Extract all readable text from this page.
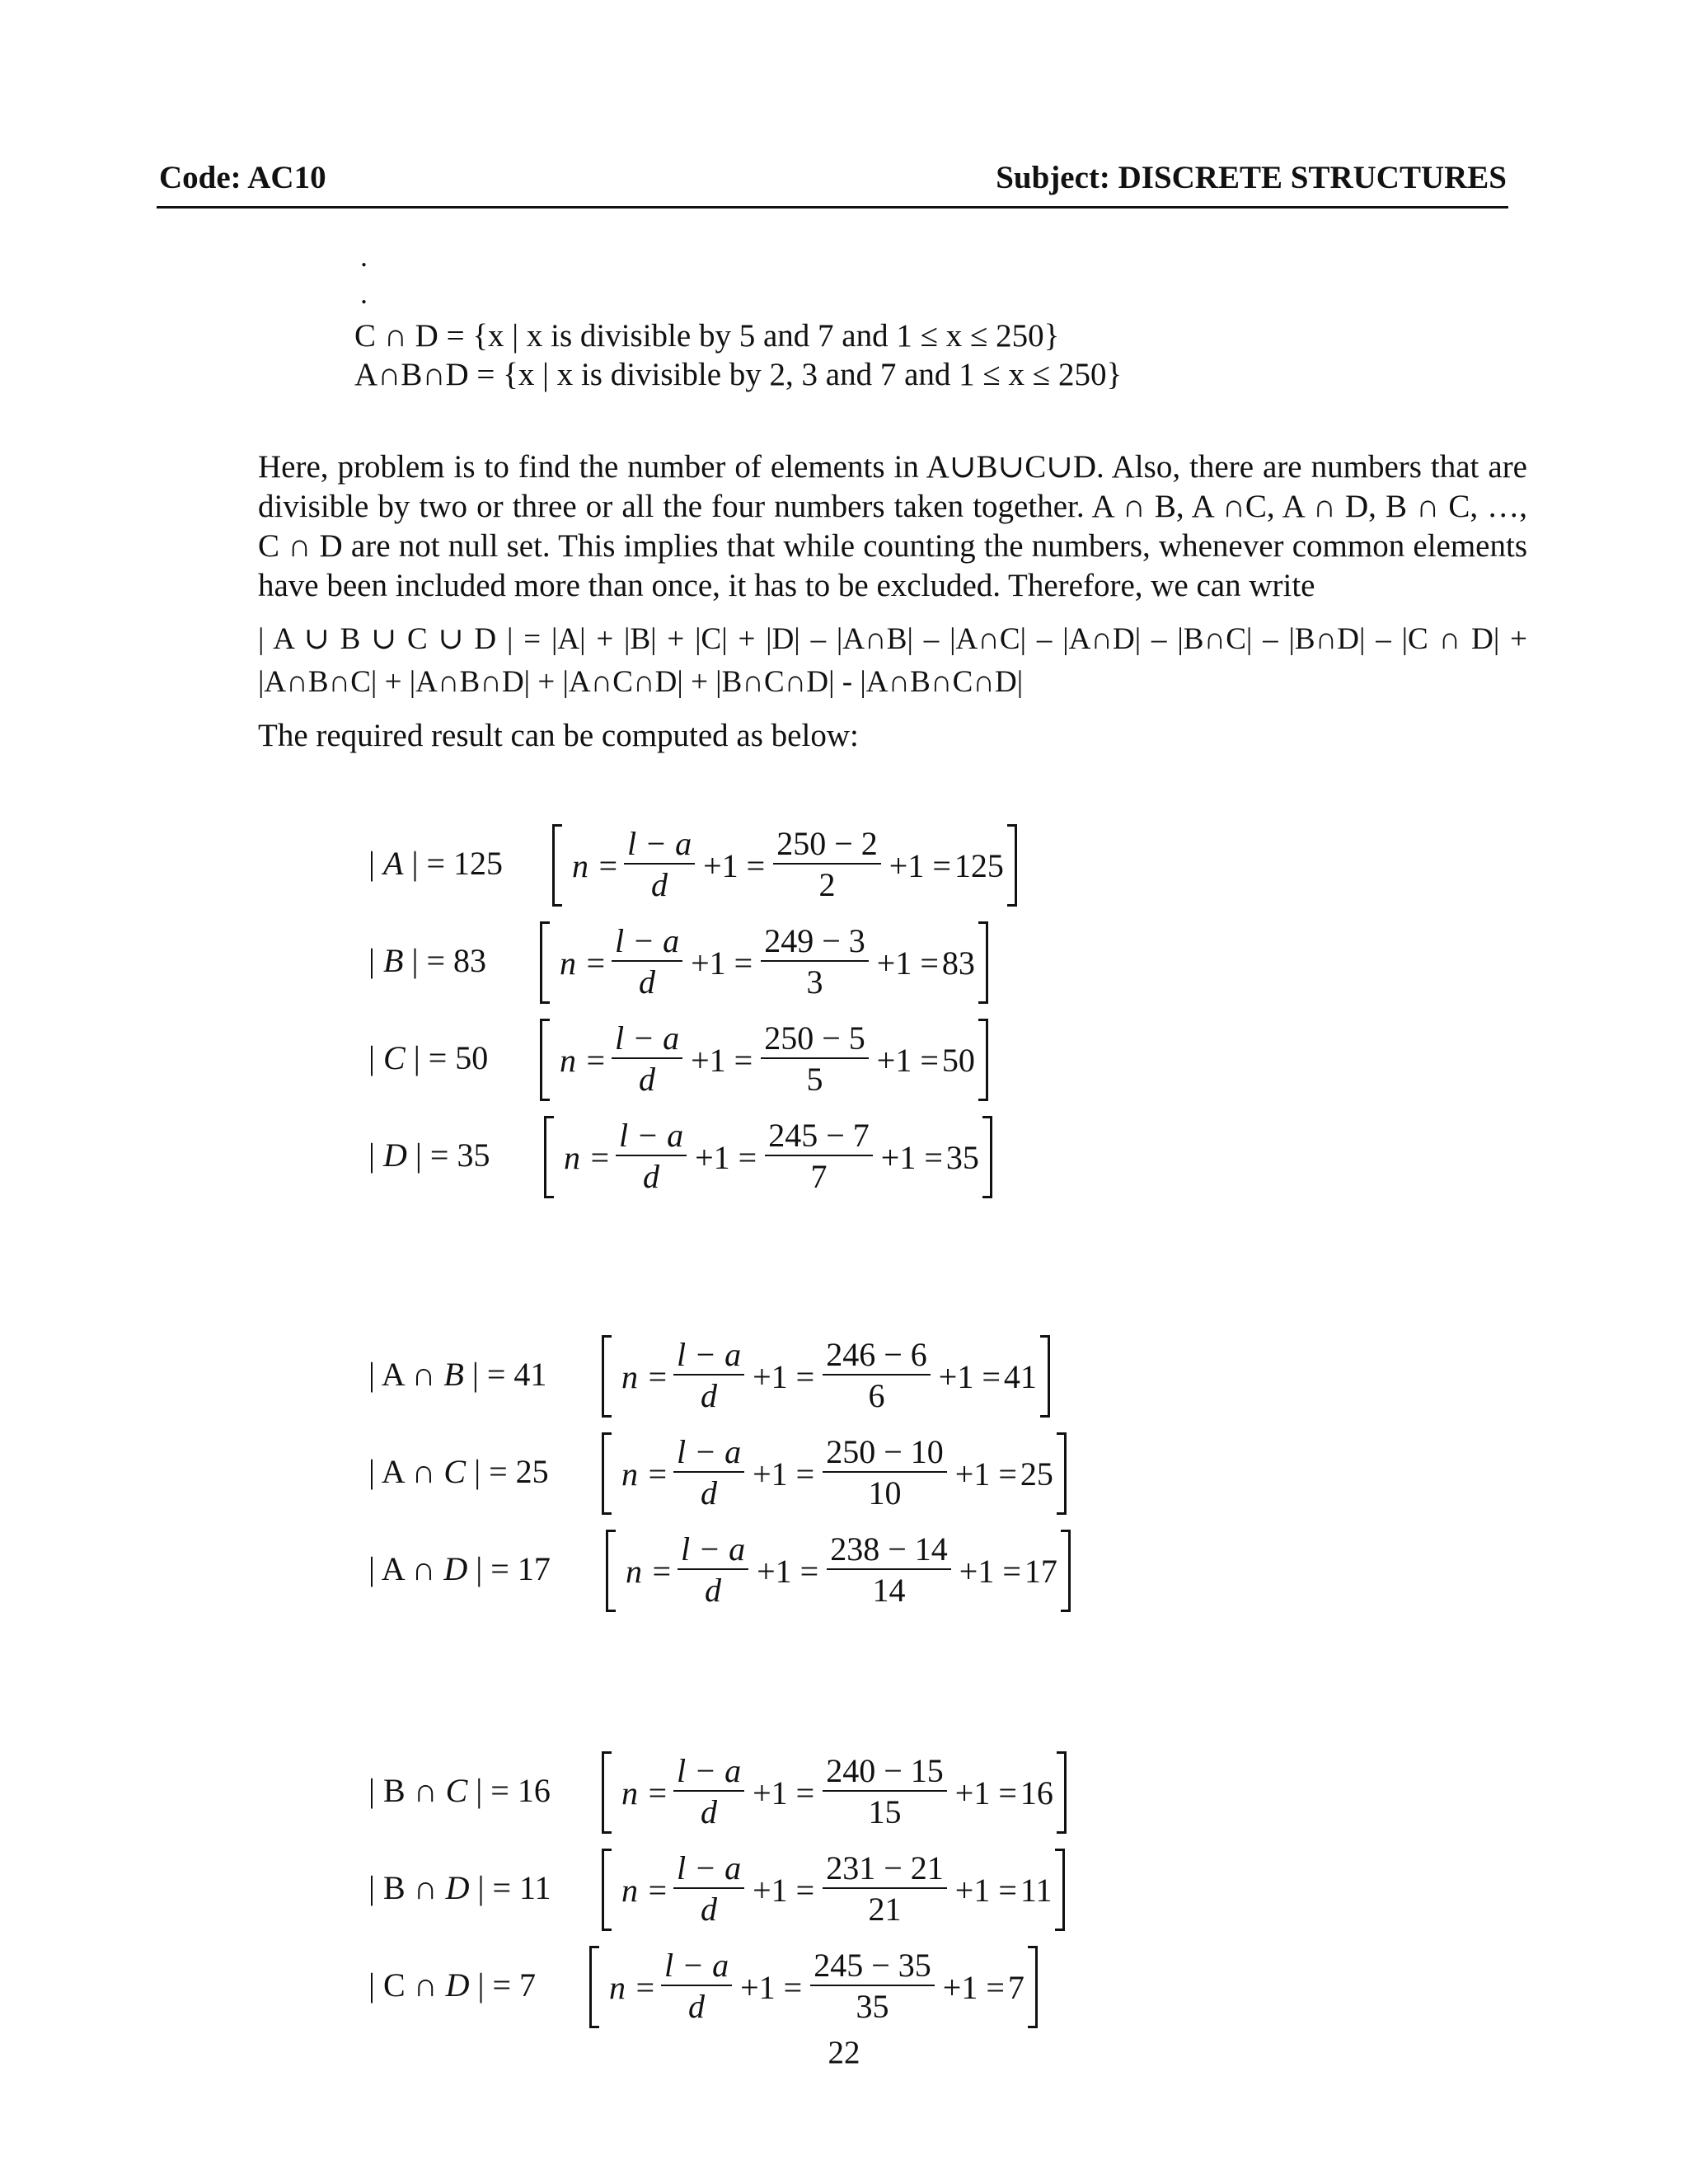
Code: AC10	Subject: DISCRETE STRUCTURES
.
.
C ∩ D = {x | x is divisible by 5 and 7 and 1 ≤ x ≤ 250}
A∩B∩D = {x | x is divisible by 2, 3 and 7 and 1 ≤ x ≤ 250}
Here, problem is to find the number of elements in A∪B∪C∪D. Also, there are numbers that are divisible by two or three or all the four numbers taken together. A ∩ B, A ∩C, A ∩ D, B ∩ C, …, C ∩ D are not null set. This implies that while counting the numbers, whenever common elements have been included more than once, it has to be excluded. Therefore, we can write
| A ∪ B ∪ C ∪ D | = |A| + |B| + |C| + |D| – |A∩B| – |A∩C| – |A∩D| – |B∩C| – |B∩D| – |C ∩ D| + |A∩B∩C| + |A∩B∩D| + |A∩C∩D| + |B∩C∩D| - |A∩B∩C∩D|
The required result can be computed as below:
| A | = 125 $n = \frac{l - a}{d} +1 = \frac{250 - 2}{2} +1 = 125$
| B | = 83 $n = \frac{l - a}{d} +1 = \frac{249 - 3}{3} +1 = 83$
| C | = 50 $n = \frac{l - a}{d} +1 = \frac{250 - 5}{5} +1 = 50$
| D | = 35 $n = \frac{l - a}{d} +1 = \frac{245 - 7}{7} +1 = 35$
| A ∩ B | = 41 $n = \frac{l - a}{d} +1 = \frac{246 - 6}{6} +1 = 41$
| A ∩ C | = 25 $n = \frac{l - a}{d} +1 = \frac{250 - 10}{10} +1 = 25$
| A ∩ D | = 17 $n = \frac{l - a}{d} +1 = \frac{238 - 14}{14} +1 = 17$
| B ∩ C | = 16 $n = \frac{l - a}{d} +1 = \frac{240 - 15}{15} +1 = 16$
| B ∩ D | = 11 $n = \frac{l - a}{d} +1 = \frac{231 - 21}{21} +1 = 11$
| C ∩ D | = 7 $n = \frac{l - a}{d} +1 = \frac{245 - 35}{35} +1 = 7$
22
